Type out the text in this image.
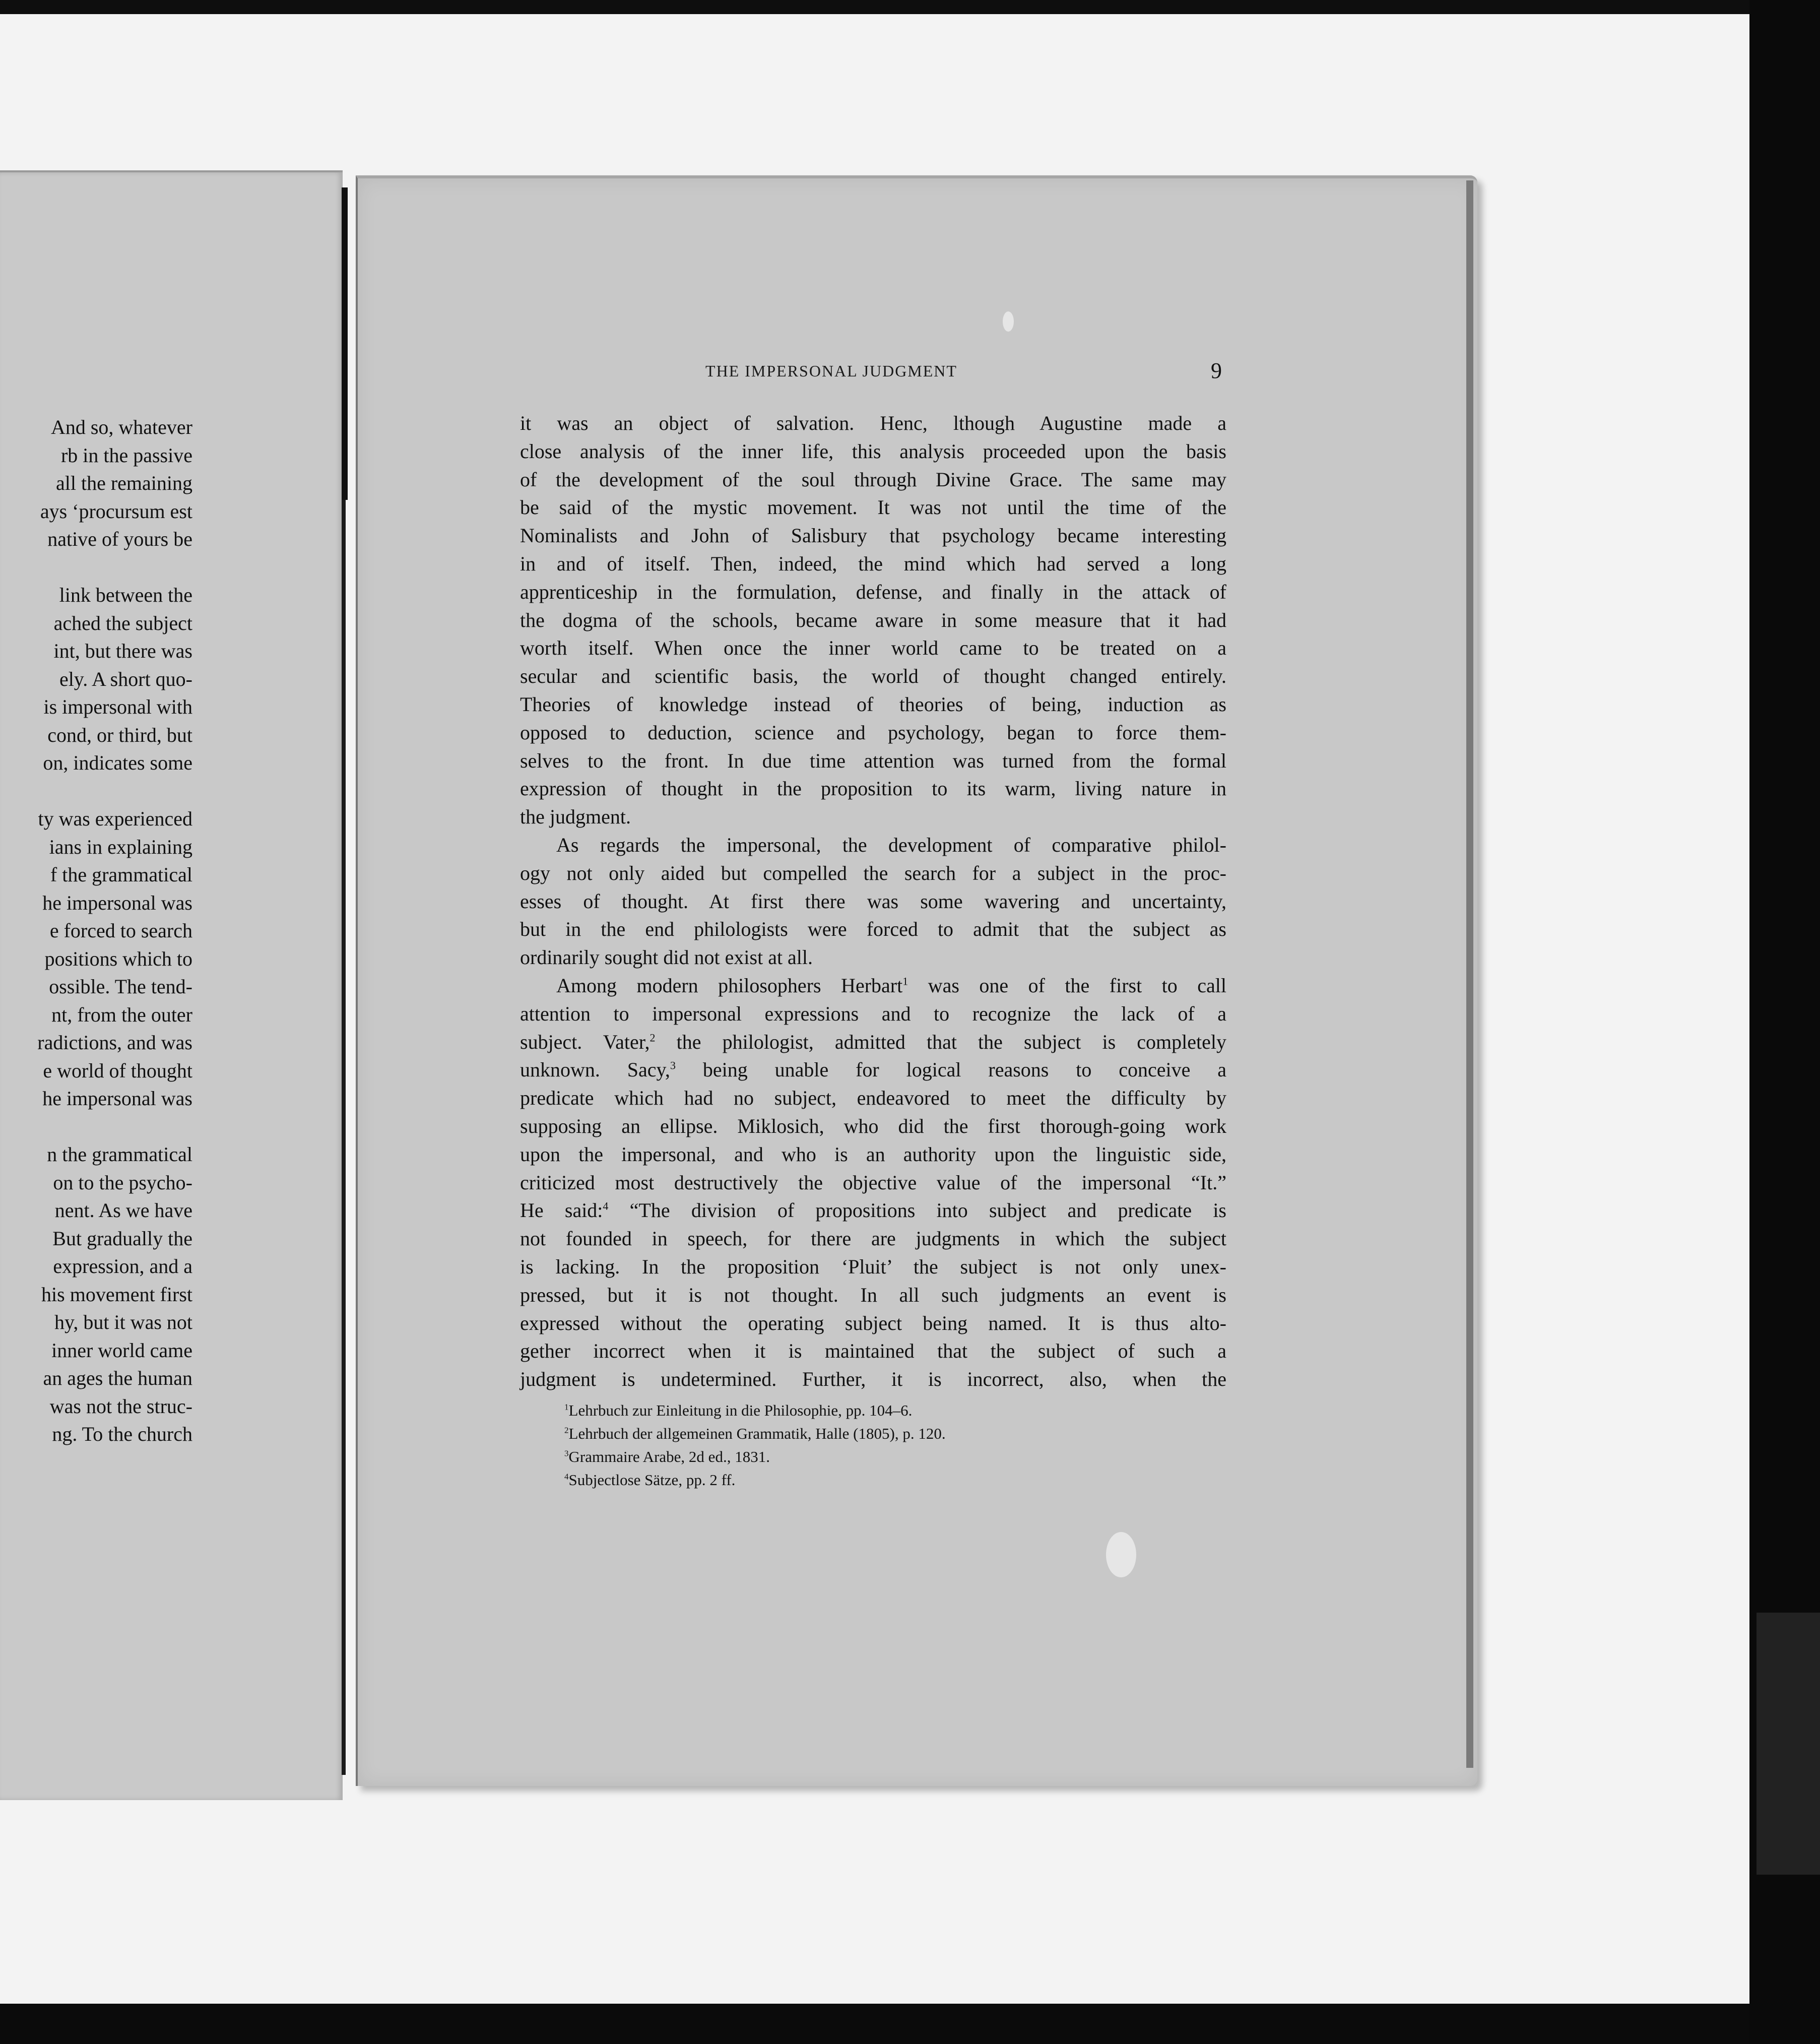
And so, whatever
rb in the passive
all the remaining
ays ‘procursum est
native of yours be
link between the
ached the subject
int, but there was
ely. A short quo-
is impersonal with
cond, or third, but
on, indicates some
ty was experienced
ians in explaining
f the grammatical
he impersonal was
e forced to search
positions which to
ossible. The tend-
nt, from the outer
radictions, and was
e world of thought
he impersonal was
n the grammatical
on to the psycho-
nent. As we have
But gradually the
expression, and a
his movement first
hy, but it was not
inner world came
an ages the human
was not the struc-
ng. To the church
THE IMPERSONAL JUDGMENT	9
it was an object of salvation. Henc, lthough Augustine made a
close analysis of the inner life, this analysis proceeded upon the basis
of the development of the soul through Divine Grace. The same may
be said of the mystic movement. It was not until the time of the
Nominalists and John of Salisbury that psychology became interesting
in and of itself. Then, indeed, the mind which had served a long
apprenticeship in the formulation, defense, and finally in the attack of
the dogma of the schools, became aware in some measure that it had
worth itself. When once the inner world came to be treated on a
secular and scientific basis, the world of thought changed entirely.
Theories of knowledge instead of theories of being, induction as
opposed to deduction, science and psychology, began to force them-
selves to the front. In due time attention was turned from the formal
expression of thought in the proposition to its warm, living nature in
the judgment.
As regards the impersonal, the development of comparative philol-
ogy not only aided but compelled the search for a subject in the proc-
esses of thought. At first there was some wavering and uncertainty,
but in the end philologists were forced to admit that the subject as
ordinarily sought did not exist at all.
Among modern philosophers Herbart$^1$ was one of the first to call
attention to impersonal expressions and to recognize the lack of a
subject. Vater,$^2$ the philologist, admitted that the subject is completely
unknown. Sacy,$^3$ being unable for logical reasons to conceive a
predicate which had no subject, endeavored to meet the difficulty by
supposing an ellipse. Miklosich, who did the first thorough-going work
upon the impersonal, and who is an authority upon the linguistic side,
criticized most destructively the objective value of the impersonal “It.”
He said:$^4$ “The division of propositions into subject and predicate is
not founded in speech, for there are judgments in which the subject
is lacking. In the proposition ‘Pluit’ the subject is not only unex-
pressed, but it is not thought. In all such judgments an event is
expressed without the operating subject being named. It is thus alto-
gether incorrect when it is maintained that the subject of such a
judgment is undetermined. Further, it is incorrect, also, when the
$^1$Lehrbuch zur Einleitung in die Philosophie, pp. 104–6.
$^2$Lehrbuch der allgemeinen Grammatik, Halle (1805), p. 120.
$^3$Grammaire Arabe, 2d ed., 1831.
$^4$Subjectlose Sätze, pp. 2 ff.
